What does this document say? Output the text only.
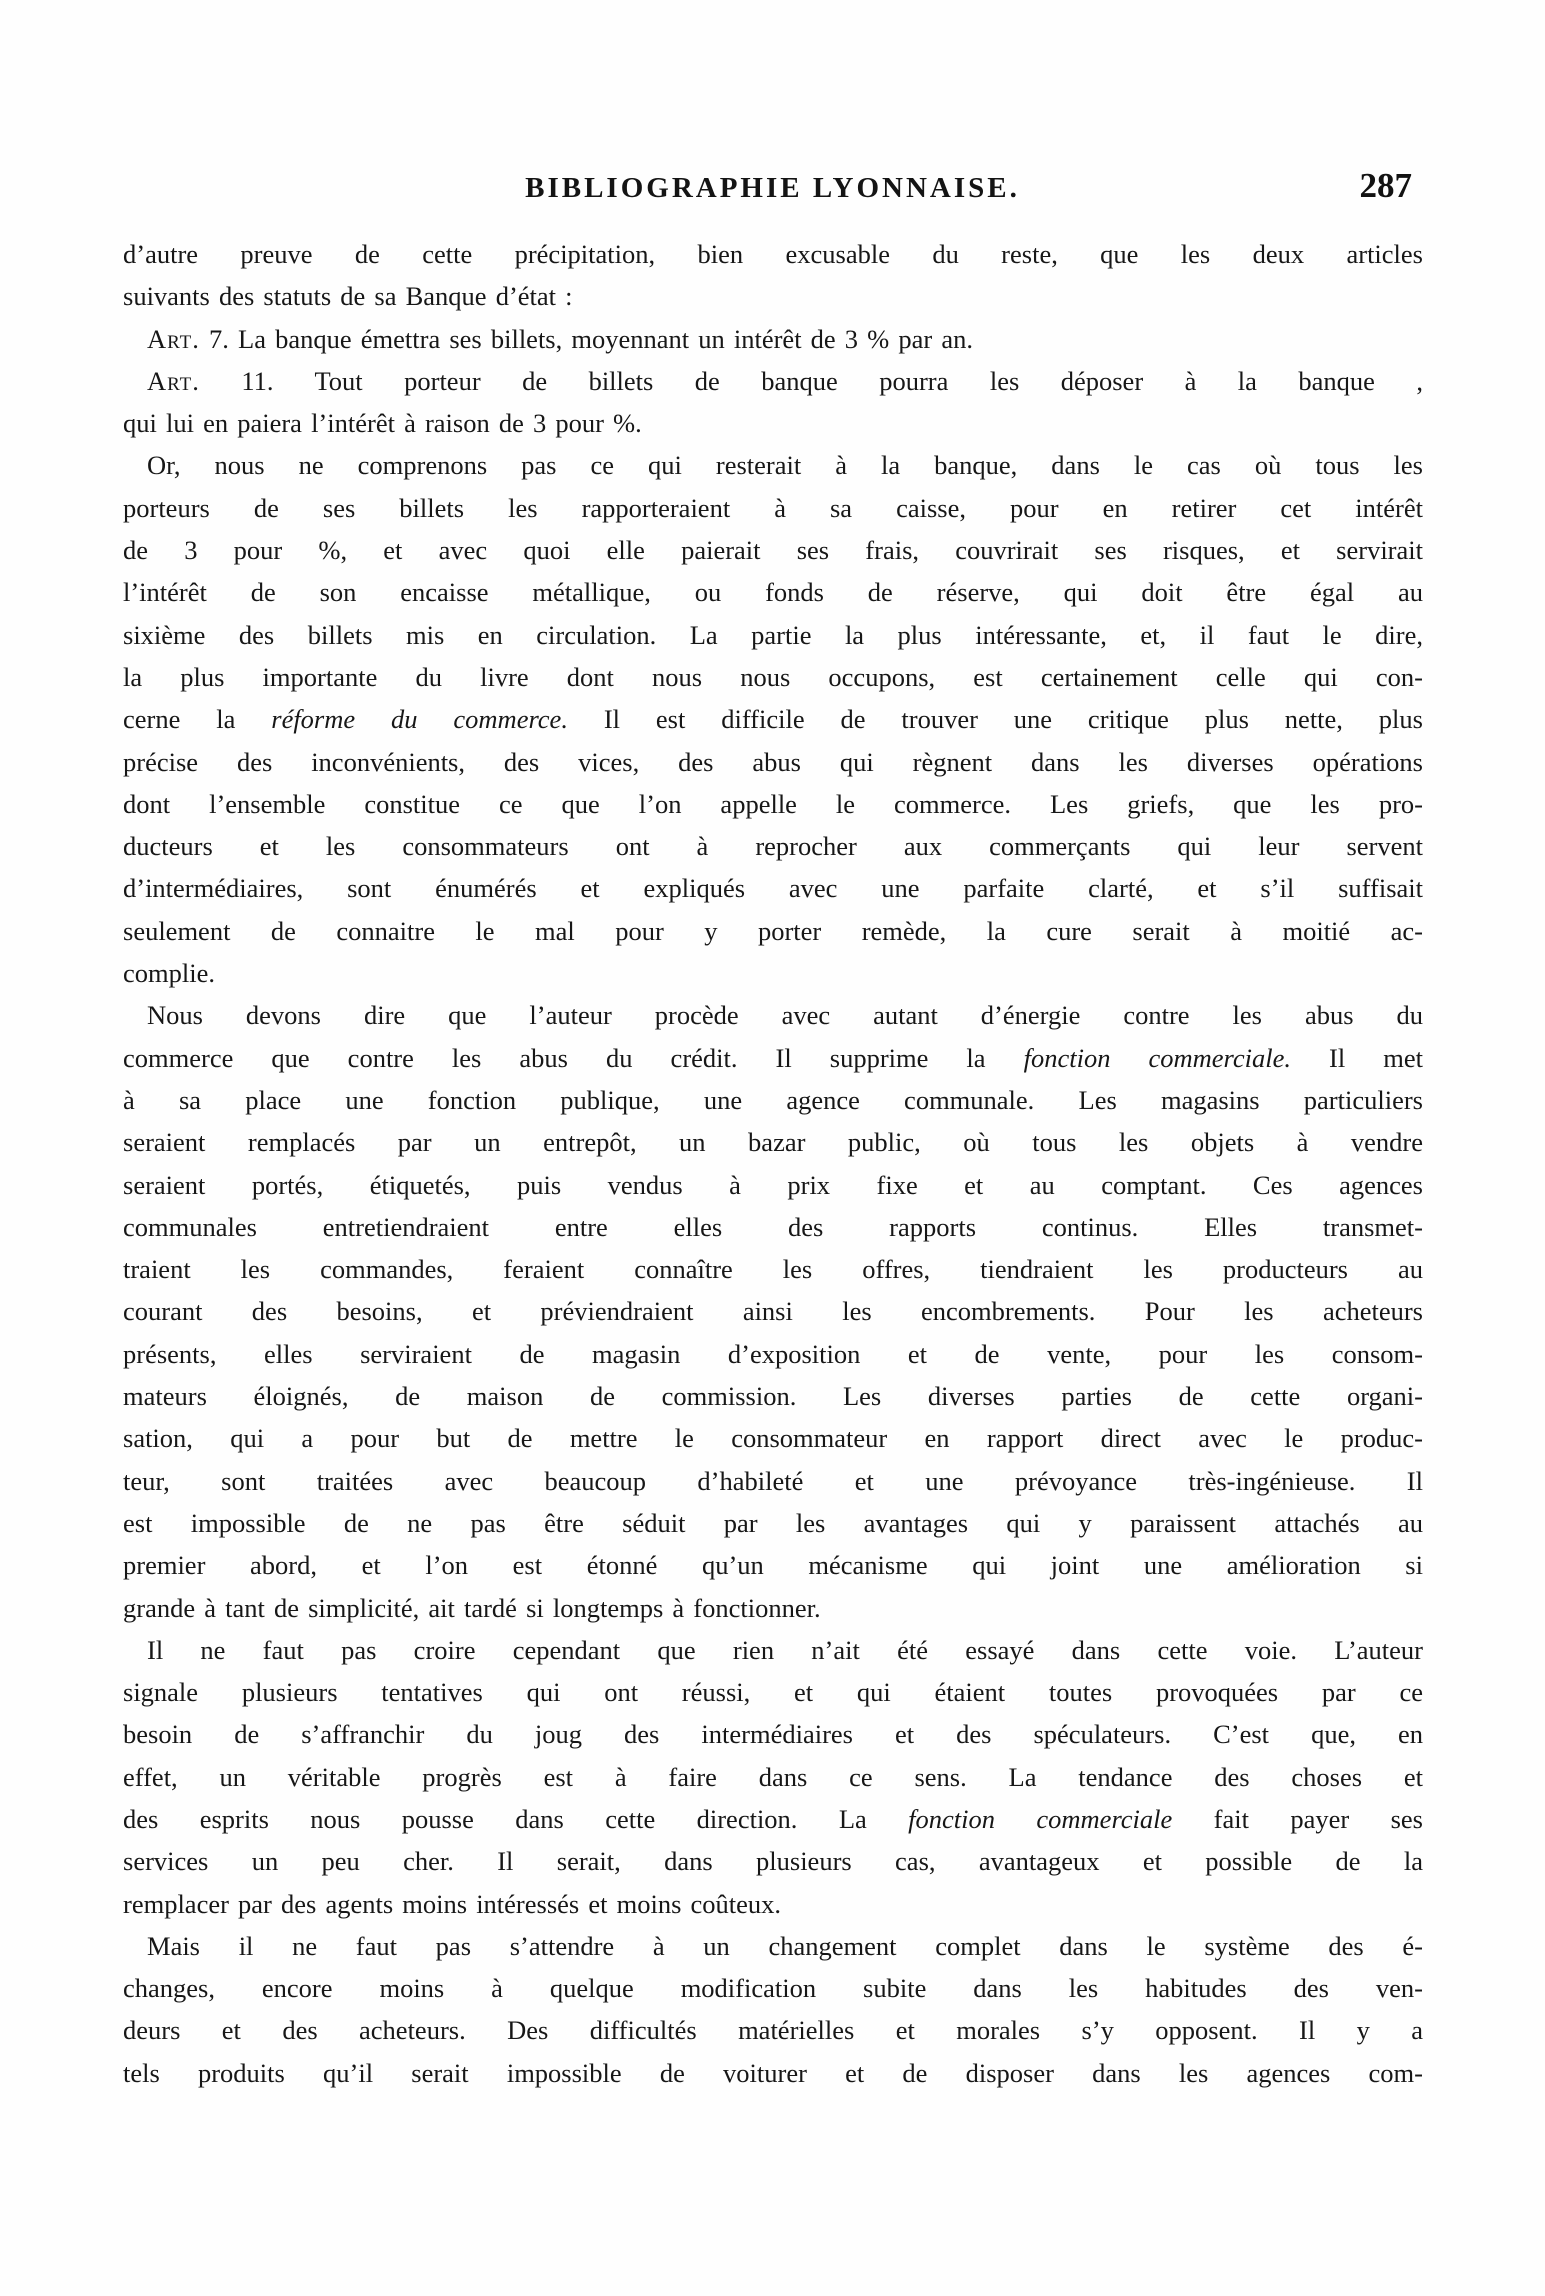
BIBLIOGRAPHIE LYONNAISE.	287
d’autre preuve de cette précipitation, bien excusable du reste, que les deux articles
suivants des statuts de sa Banque d’état :
Art. 7. La banque émettra ses billets, moyennant un intérêt de 3 % par an.
Art. 11. Tout porteur de billets de banque pourra les déposer à la banque ,
qui lui en paiera l’intérêt à raison de 3 pour %.
Or, nous ne comprenons pas ce qui resterait à la banque, dans le cas où tous les
porteurs de ses billets les rapporteraient à sa caisse, pour en retirer cet intérêt
de 3 pour %, et avec quoi elle paierait ses frais, couvrirait ses risques, et servirait
l’intérêt de son encaisse métallique, ou fonds de réserve, qui doit être égal au
sixième des billets mis en circulation. La partie la plus intéressante, et, il faut le dire,
la plus importante du livre dont nous nous occupons, est certainement celle qui con-
cerne la réforme du commerce. Il est difficile de trouver une critique plus nette, plus
précise des inconvénients, des vices, des abus qui règnent dans les diverses opérations
dont l’ensemble constitue ce que l’on appelle le commerce. Les griefs, que les pro-
ducteurs et les consommateurs ont à reprocher aux commerçants qui leur servent
d’intermédiaires, sont énumérés et expliqués avec une parfaite clarté, et s’il suffisait
seulement de connaitre le mal pour y porter remède, la cure serait à moitié ac-
complie.
Nous devons dire que l’auteur procède avec autant d’énergie contre les abus du
commerce que contre les abus du crédit. Il supprime la fonction commerciale. Il met
à sa place une fonction publique, une agence communale. Les magasins particuliers
seraient remplacés par un entrepôt, un bazar public, où tous les objets à vendre
seraient portés, étiquetés, puis vendus à prix fixe et au comptant. Ces agences
communales entretiendraient entre elles des rapports continus. Elles transmet-
traient les commandes, feraient connaître les offres, tiendraient les producteurs au
courant des besoins, et préviendraient ainsi les encombrements. Pour les acheteurs
présents, elles serviraient de magasin d’exposition et de vente, pour les consom-
mateurs éloignés, de maison de commission. Les diverses parties de cette organi-
sation, qui a pour but de mettre le consommateur en rapport direct avec le produc-
teur, sont traitées avec beaucoup d’habileté et une prévoyance très-ingénieuse. Il
est impossible de ne pas être séduit par les avantages qui y paraissent attachés au
premier abord, et l’on est étonné qu’un mécanisme qui joint une amélioration si
grande à tant de simplicité, ait tardé si longtemps à fonctionner.
Il ne faut pas croire cependant que rien n’ait été essayé dans cette voie. L’auteur
signale plusieurs tentatives qui ont réussi, et qui étaient toutes provoquées par ce
besoin de s’affranchir du joug des intermédiaires et des spéculateurs. C’est que, en
effet, un véritable progrès est à faire dans ce sens. La tendance des choses et
des esprits nous pousse dans cette direction. La fonction commerciale fait payer ses
services un peu cher. Il serait, dans plusieurs cas, avantageux et possible de la
remplacer par des agents moins intéressés et moins coûteux.
Mais il ne faut pas s’attendre à un changement complet dans le système des é-
changes, encore moins à quelque modification subite dans les habitudes des ven-
deurs et des acheteurs. Des difficultés matérielles et morales s’y opposent. Il y a
tels produits qu’il serait impossible de voiturer et de disposer dans les agences com-
